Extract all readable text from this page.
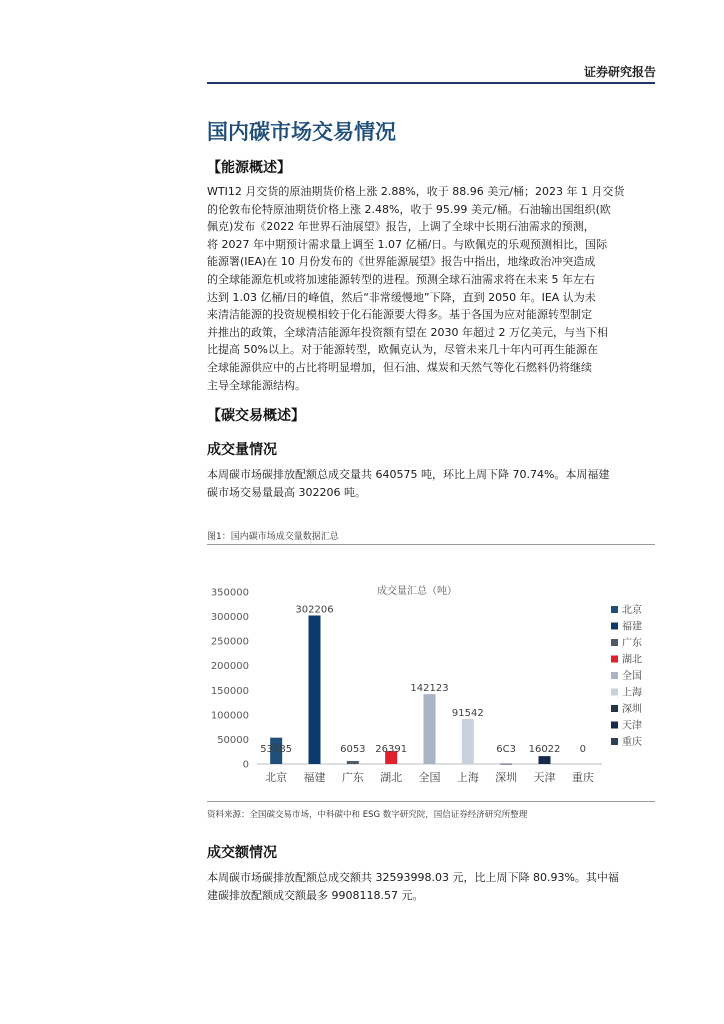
证券研究报告
国内碳市场交易情况
【能源概述】
WTI12 月交货的原油期货价格上涨 2.88%，收于 88.96 美元/桶；2023 年 1 月交货
的伦敦布伦特原油期货价格上涨 2.48%，收于 95.99 美元/桶。石油输出国组织(欧
佩克)发布《2022 年世界石油展望》报告，上调了全球中长期石油需求的预测，
将 2027 年中期预计需求量上调至 1.07 亿桶/日。与欧佩克的乐观预测相比，国际
能源署(IEA)在 10 月份发布的《世界能源展望》报告中指出，地缘政治冲突造成
的全球能源危机或将加速能源转型的进程。预测全球石油需求将在未来 5 年左右
达到 1.03 亿桶/日的峰值，然后“非常缓慢地”下降，直到 2050 年。IEA 认为未
来清洁能源的投资规模相较于化石能源要大得多。基于各国为应对能源转型制定
并推出的政策，全球清洁能源年投资额有望在 2030 年超过 2 万亿美元，与当下相
比提高 50%以上。对于能源转型，欧佩克认为，尽管未来几十年内可再生能源在
全球能源供应中的占比将明显增加，但石油、煤炭和天然气等化石燃料仍将继续
主导全球能源结构。
【碳交易概述】
成交量情况
本周碳市场碳排放配额总成交量共 640575 吨，环比上周下降 70.74%。本周福建
碳市场交易量最高 302206 吨。
图1：国内碳市场成交量数据汇总
成交量汇总（吨）
350000
300000
250000
200000
150000
100000
50000
0
53585
北京
302206
福建
6053
广东
26391
湖北
142123
全国
91542
上海
6C3
深圳
16022
天津
0
重庆
北京
福建
广东
湖北
全国
上海
深圳
天津
重庆
资料来源：全国碳交易市场，中科碳中和 ESG 数字研究院，国信证券经济研究所整理
成交额情况
本周碳市场碳排放配额总成交额共 32593998.03 元，比上周下降 80.93%。其中福
建碳排放配额成交额最多 9908118.57 元。
